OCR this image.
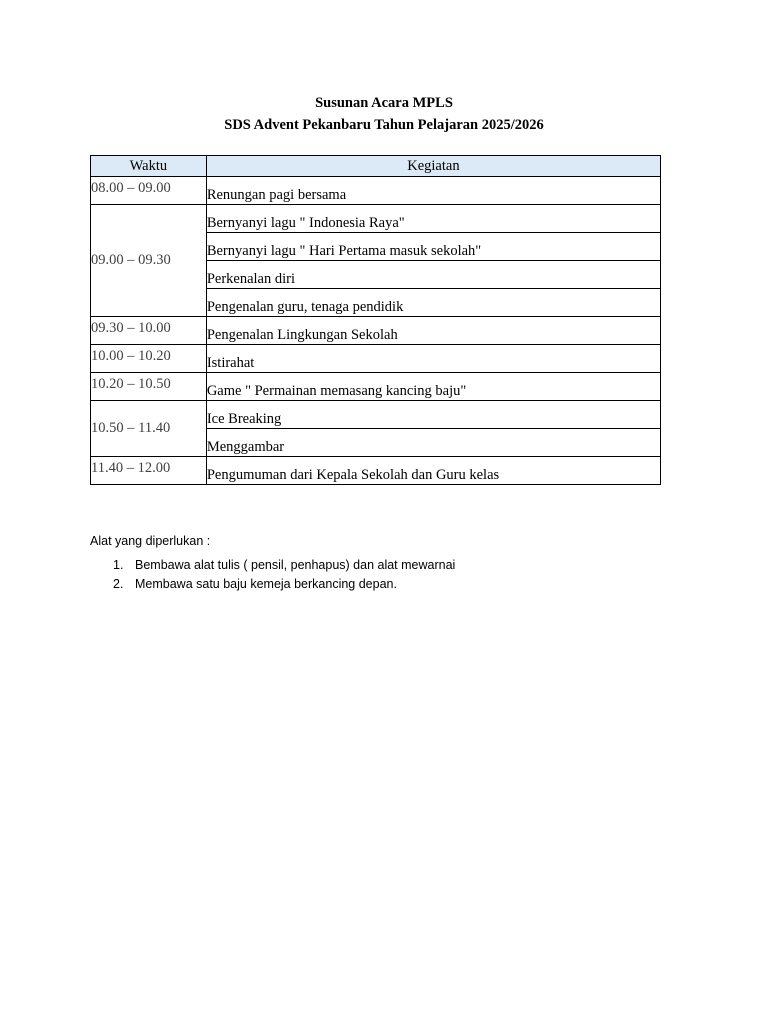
Susunan Acara MPLS
SDS Advent Pekanbaru Tahun Pelajaran 2025/2026
Waktu	Kegiatan
08.00 – 09.00	Renungan pagi bersama
09.00 – 09.30	Bernyanyi lagu " Indonesia Raya"
	Bernyanyi lagu " Hari Pertama masuk sekolah"
	Perkenalan diri
	Pengenalan guru, tenaga pendidik
09.30 – 10.00	Pengenalan Lingkungan Sekolah
10.00 – 10.20	Istirahat
10.20 – 10.50	Game " Permainan memasang kancing baju"
10.50 – 11.40	Ice Breaking
	Menggambar
11.40 – 12.00	Pengumuman dari Kepala Sekolah dan Guru kelas
Alat yang diperlukan :
1. Bembawa alat tulis ( pensil, penhapus) dan alat mewarnai
2. Membawa satu baju kemeja berkancing depan.
